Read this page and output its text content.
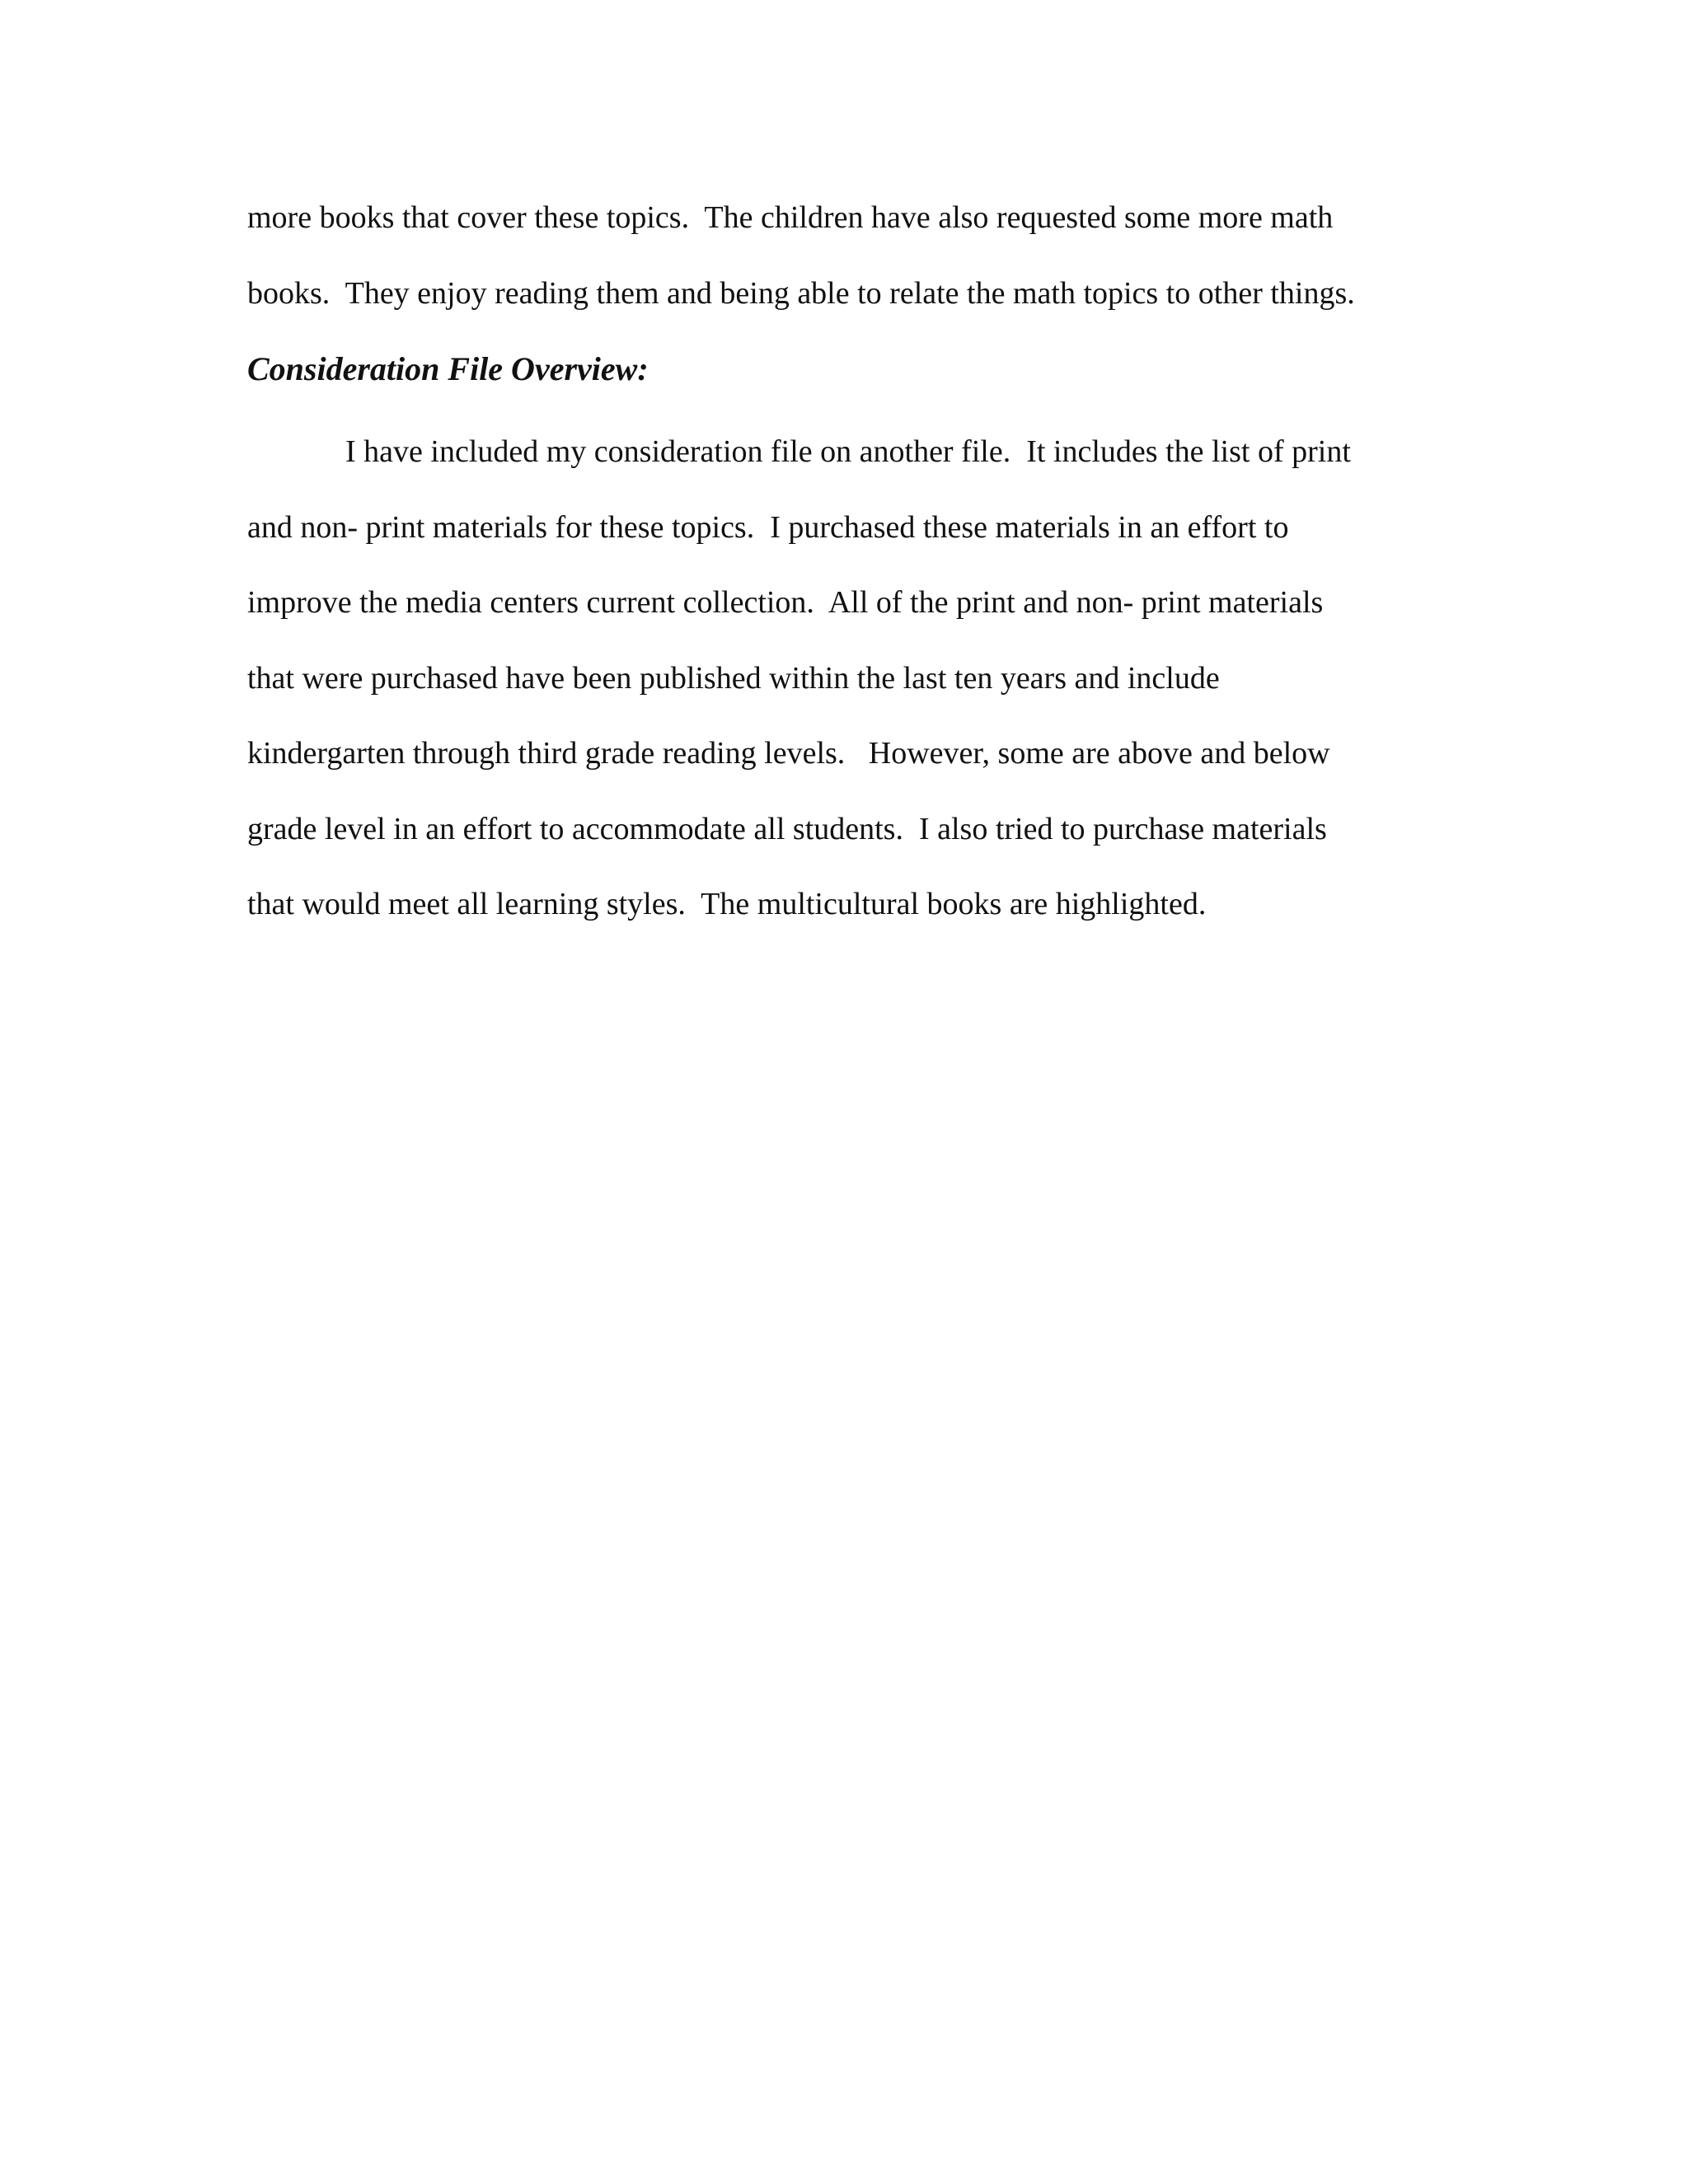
more books that cover these topics.  The children have also requested some more math
books.  They enjoy reading them and being able to relate the math topics to other things.
Consideration File Overview:
I have included my consideration file on another file.  It includes the list of print
and non- print materials for these topics.  I purchased these materials in an effort to
improve the media centers current collection.  All of the print and non- print materials
that were purchased have been published within the last ten years and include
kindergarten through third grade reading levels.   However, some are above and below
grade level in an effort to accommodate all students.  I also tried to purchase materials
that would meet all learning styles.  The multicultural books are highlighted.
